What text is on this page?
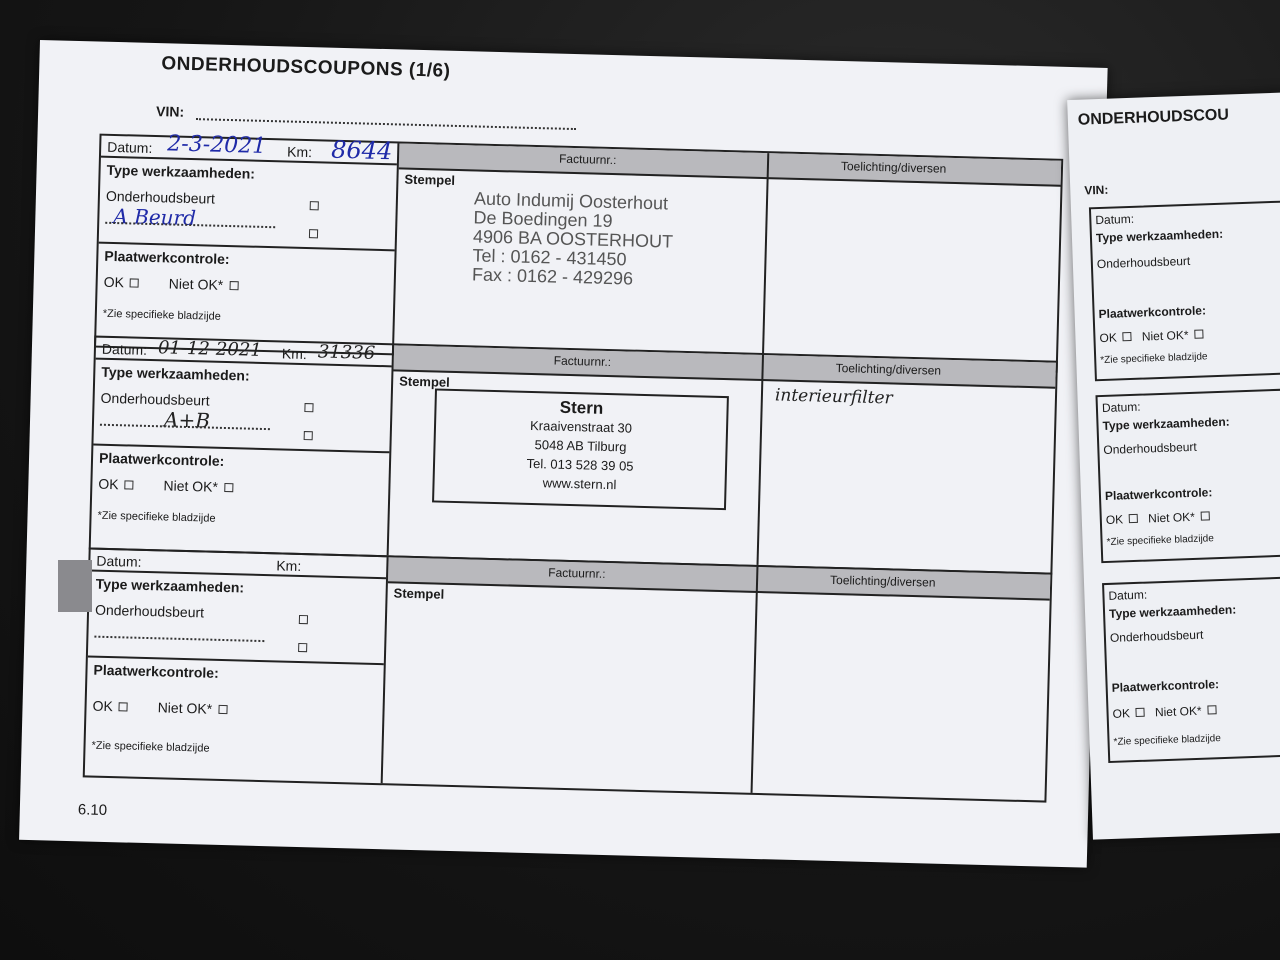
ONDERHOUDSCOUPONS (1/6)
VIN:
Factuurnr.:	Toelichting/diversen
Datum: 2-3-2021 Km: 8644
Type werkzaamheden:
Onderhoudsbeurt
A Beurd
Plaatwerkcontrole:
OK	Niet OK*
*Zie specifieke bladzijde
Stempel
Auto Indumij Oosterhout
De Boedingen 19
4906 BA OOSTERHOUT
Tel : 0162 - 431450
Fax : 0162 - 429296
Factuurnr.:	Toelichting/diversen
Datum: 01-12-2021 Km: 31336
Type werkzaamheden:
Onderhoudsbeurt
A+B
Plaatwerkcontrole:
OK	Niet OK*
*Zie specifieke bladzijde
Stempel
Stern
Kraaivenstraat 30
5048 AB Tilburg
Tel. 013 528 39 05
www.stern.nl
interieurfilter
Factuurnr.:	Toelichting/diversen
Datum:	Km:
Type werkzaamheden:
Onderhoudsbeurt
Plaatwerkcontrole:
OK	Niet OK*
*Zie specifieke bladzijde
Stempel
6.10
ONDERHOUDSCOU
VIN:
Datum:
Type werkzaamheden:
Onderhoudsbeurt
Plaatwerkcontrole:
OK Niet OK*
*Zie specifieke bladzijde
Datum:
Type werkzaamheden:
Onderhoudsbeurt
Plaatwerkcontrole:
OK Niet OK*
*Zie specifieke bladzijde
Datum:
Type werkzaamheden:
Onderhoudsbeurt
Plaatwerkcontrole:
OK Niet OK*
*Zie specifieke bladzijde
